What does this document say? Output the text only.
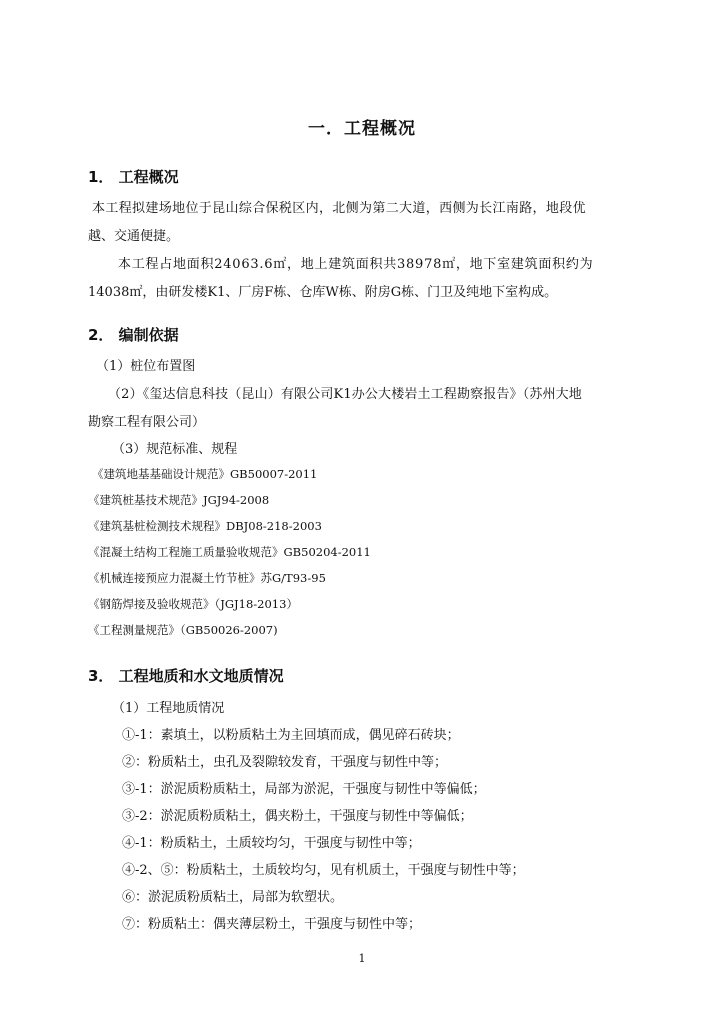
一．工程概况
1． 工程概况
本工程拟建场地位于昆山综合保税区内，北侧为第二大道，西侧为长江南路，地段优
越、交通便捷。
本工程占地面积24063.6㎡，地上建筑面积共38978㎡，地下室建筑面积约为
14038㎡，由研发楼K1、厂房F栋、仓库W栋、附房G栋、门卫及纯地下室构成。
2． 编制依据
（1）桩位布置图
（2）《玺达信息科技（昆山）有限公司K1办公大楼岩土工程勘察报告》（苏州大地
勘察工程有限公司）
（3）规范标准、规程
《建筑地基基础设计规范》GB50007-2011
《建筑桩基技术规范》JGJ94-2008
《建筑基桩检测技术规程》DBJ08-218-2003
《混凝土结构工程施工质量验收规范》GB50204-2011
《机械连接预应力混凝土竹节桩》苏G/T93-95
《钢筋焊接及验收规范》（JGJ18-2013）
《工程测量规范》（GB50026-2007)
3． 工程地质和水文地质情况
（1）工程地质情况
①-1：素填土，以粉质粘土为主回填而成，偶见碎石砖块；
②：粉质粘土，虫孔及裂隙较发育，干强度与韧性中等；
③-1：淤泥质粉质粘土，局部为淤泥，干强度与韧性中等偏低；
③-2：淤泥质粉质粘土，偶夹粉土，干强度与韧性中等偏低；
④-1：粉质粘土，土质较均匀，干强度与韧性中等；
④-2、⑤：粉质粘土，土质较均匀，见有机质土，干强度与韧性中等；
⑥：淤泥质粉质粘土，局部为软塑状。
⑦：粉质粘土：偶夹薄层粉土，干强度与韧性中等；
1
